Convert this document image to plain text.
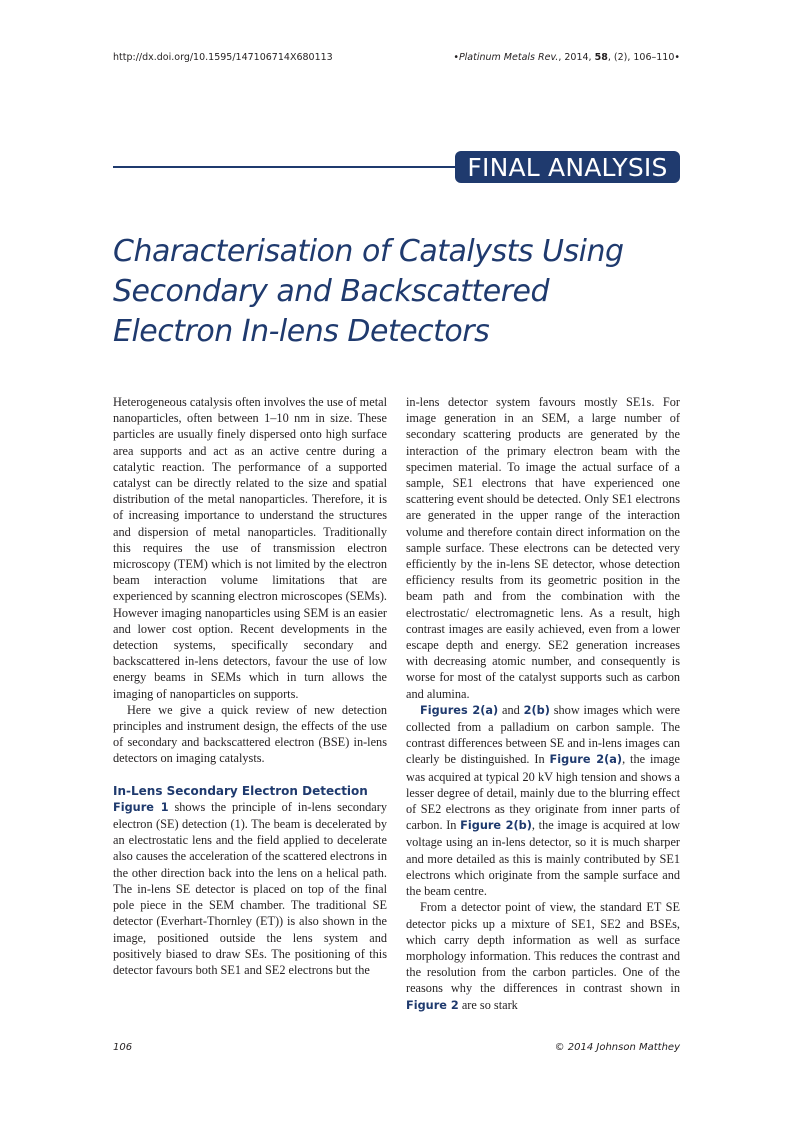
http://dx.doi.org/10.1595/147106714X680113	•Platinum Metals Rev., 2014, 58, (2), 106–110•
FINAL ANALYSIS
Characterisation of Catalysts Using
Secondary and Backscattered
Electron In-lens Detectors

Heterogeneous catalysis often involves the use of metal nanoparticles, often between 1–10 nm in size. These particles are usually finely dispersed onto high surface area supports and act as an active centre during a catalytic reaction. The performance of a supported catalyst can be directly related to the size and spatial distribution of the metal nanoparticles. Therefore, it is of increasing importance to understand the structures and dispersion of metal nanoparticles. Traditionally this requires the use of transmission electron microscopy (TEM) which is not limited by the electron beam interaction volume limitations that are experienced by scanning electron microscopes (SEMs). However imaging nanoparticles using SEM is an easier and lower cost option. Recent developments in the detection systems, specifically secondary and backscattered in-lens detectors, favour the use of low energy beams in SEMs which in turn allows the imaging of nanoparticles on supports.

Here we give a quick review of new detection principles and instrument design, the effects of the use of secondary and backscattered electron (BSE) in-lens detectors on imaging catalysts.

In-Lens Secondary Electron Detection

Figure 1 shows the principle of in-lens secondary electron (SE) detection (1). The beam is decelerated by an electrostatic lens and the field applied to decelerate also causes the acceleration of the scattered electrons in the other direction back into the lens on a helical path. The in-lens SE detector is placed on top of the final pole piece in the SEM chamber. The traditional SE detector (Everhart-Thornley (ET)) is also shown in the image, positioned outside the lens system and positively biased to draw SEs. The positioning of this detector favours both SE1 and SE2 electrons but the

in-lens detector system favours mostly SE1s. For image generation in an SEM, a large number of secondary scattering products are generated by the interaction of the primary electron beam with the specimen material. To image the actual surface of a sample, SE1 electrons that have experienced one scattering event should be detected. Only SE1 electrons are generated in the upper range of the interaction volume and therefore contain direct information on the sample surface. These electrons can be detected very efficiently by the in-lens SE detector, whose detection efficiency results from its geometric position in the beam path and from the combination with the electrostatic/ electromagnetic lens. As a result, high contrast images are easily achieved, even from a lower escape depth and energy. SE2 generation increases with decreasing atomic number, and consequently is worse for most of the catalyst supports such as carbon and alumina.

Figures 2(a) and 2(b) show images which were collected from a palladium on carbon sample. The contrast differences between SE and in-lens images can clearly be distinguished. In Figure 2(a), the image was acquired at typical 20 kV high tension and shows a lesser degree of detail, mainly due to the blurring effect of SE2 electrons as they originate from inner parts of carbon. In Figure 2(b), the image is acquired at low voltage using an in-lens detector, so it is much sharper and more detailed as this is mainly contributed by SE1 electrons which originate from the sample surface and the beam centre.

From a detector point of view, the standard ET SE detector picks up a mixture of SE1, SE2 and BSEs, which carry depth information as well as surface morphology information. This reduces the contrast and the resolution from the carbon particles. One of the reasons why the differences in contrast shown in Figure 2 are so stark

106	© 2014 Johnson Matthey
